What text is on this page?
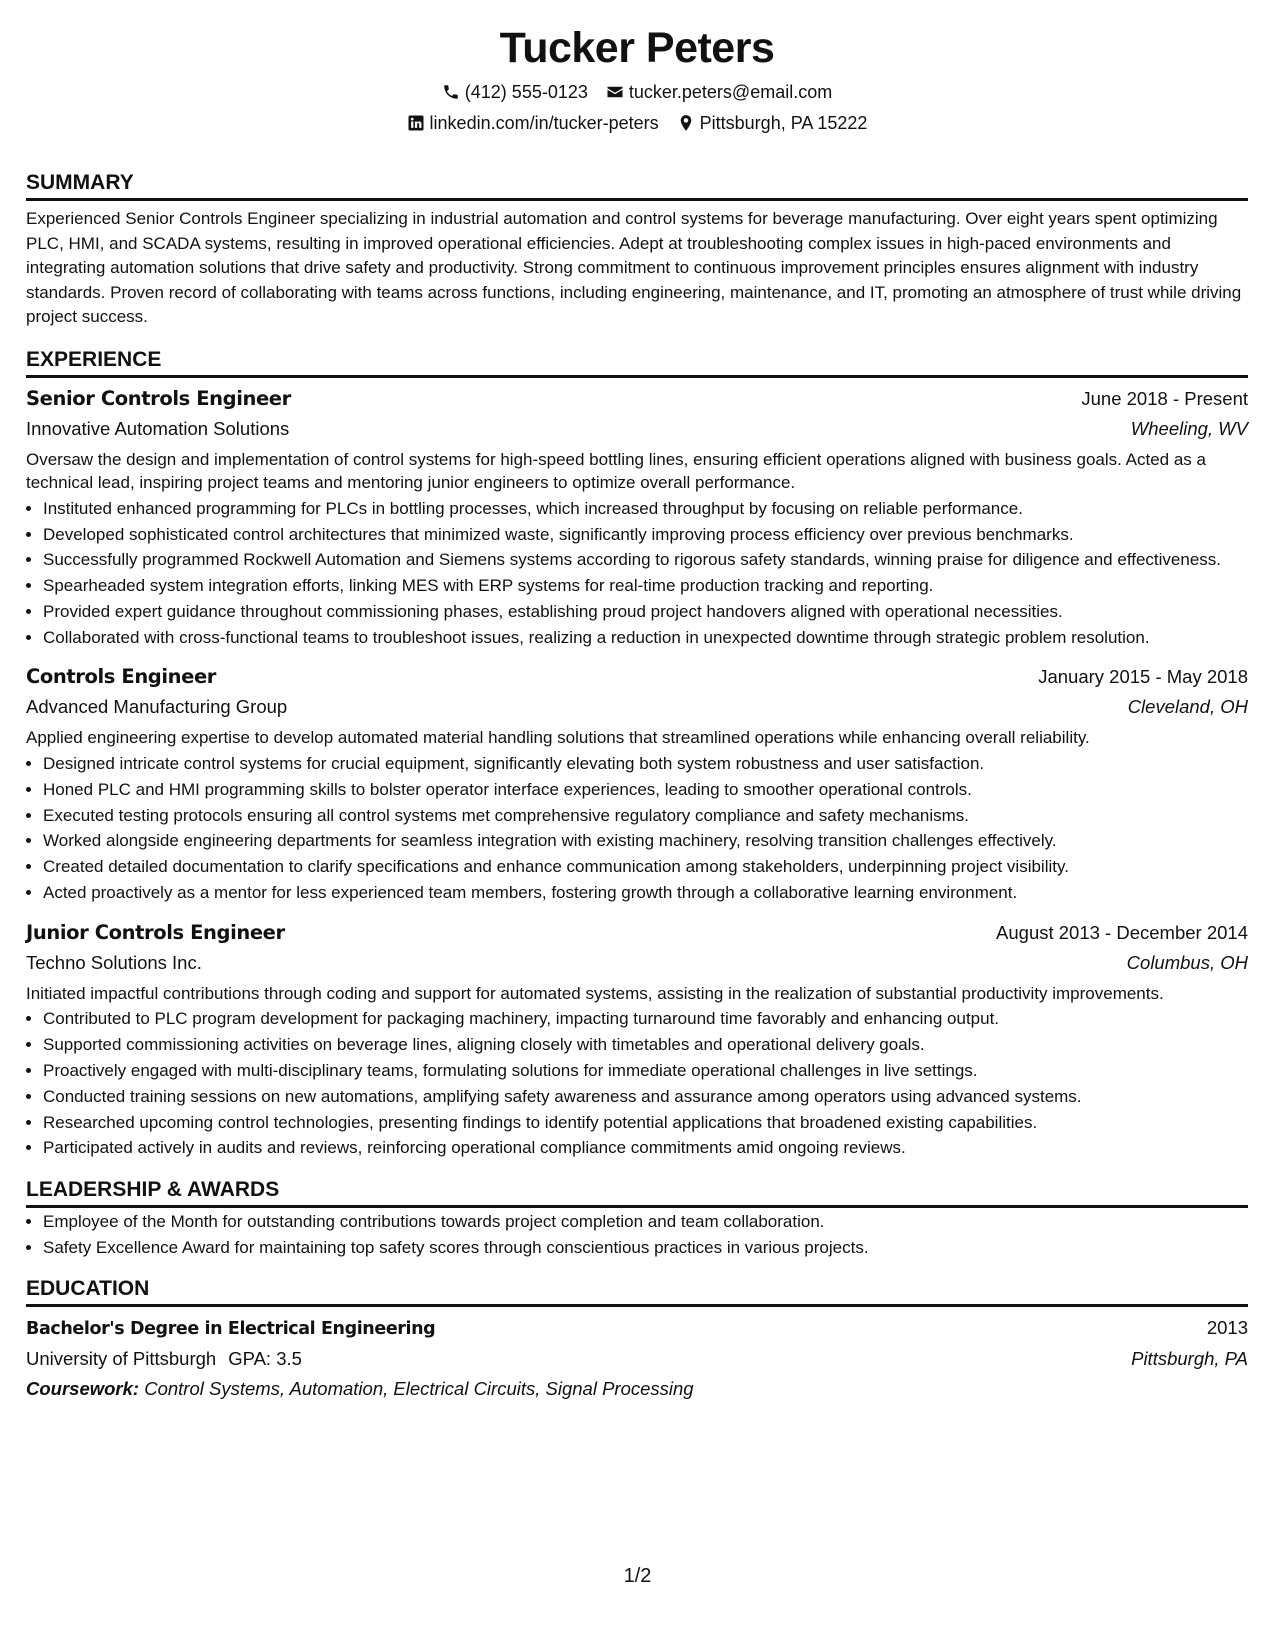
Tucker Peters
(412) 555-0123 tucker.peters@email.com
linkedin.com/in/tucker-peters Pittsburgh, PA 15222
SUMMARY
Experienced Senior Controls Engineer specializing in industrial automation and control systems for beverage manufacturing. Over eight years spent optimizing PLC, HMI, and SCADA systems, resulting in improved operational efficiencies. Adept at troubleshooting complex issues in high-paced environments and integrating automation solutions that drive safety and productivity. Strong commitment to continuous improvement principles ensures alignment with industry standards. Proven record of collaborating with teams across functions, including engineering, maintenance, and IT, promoting an atmosphere of trust while driving project success.
EXPERIENCE
Senior Controls Engineer	June 2018 - Present
Innovative Automation Solutions	Wheeling, WV
Oversaw the design and implementation of control systems for high-speed bottling lines, ensuring efficient operations aligned with business goals. Acted as a technical lead, inspiring project teams and mentoring junior engineers to optimize overall performance.
• Instituted enhanced programming for PLCs in bottling processes, which increased throughput by focusing on reliable performance.
• Developed sophisticated control architectures that minimized waste, significantly improving process efficiency over previous benchmarks.
• Successfully programmed Rockwell Automation and Siemens systems according to rigorous safety standards, winning praise for diligence and effectiveness.
• Spearheaded system integration efforts, linking MES with ERP systems for real-time production tracking and reporting.
• Provided expert guidance throughout commissioning phases, establishing proud project handovers aligned with operational necessities.
• Collaborated with cross-functional teams to troubleshoot issues, realizing a reduction in unexpected downtime through strategic problem resolution.
Controls Engineer	January 2015 - May 2018
Advanced Manufacturing Group	Cleveland, OH
Applied engineering expertise to develop automated material handling solutions that streamlined operations while enhancing overall reliability.
• Designed intricate control systems for crucial equipment, significantly elevating both system robustness and user satisfaction.
• Honed PLC and HMI programming skills to bolster operator interface experiences, leading to smoother operational controls.
• Executed testing protocols ensuring all control systems met comprehensive regulatory compliance and safety mechanisms.
• Worked alongside engineering departments for seamless integration with existing machinery, resolving transition challenges effectively.
• Created detailed documentation to clarify specifications and enhance communication among stakeholders, underpinning project visibility.
• Acted proactively as a mentor for less experienced team members, fostering growth through a collaborative learning environment.
Junior Controls Engineer	August 2013 - December 2014
Techno Solutions Inc.	Columbus, OH
Initiated impactful contributions through coding and support for automated systems, assisting in the realization of substantial productivity improvements.
• Contributed to PLC program development for packaging machinery, impacting turnaround time favorably and enhancing output.
• Supported commissioning activities on beverage lines, aligning closely with timetables and operational delivery goals.
• Proactively engaged with multi-disciplinary teams, formulating solutions for immediate operational challenges in live settings.
• Conducted training sessions on new automations, amplifying safety awareness and assurance among operators using advanced systems.
• Researched upcoming control technologies, presenting findings to identify potential applications that broadened existing capabilities.
• Participated actively in audits and reviews, reinforcing operational compliance commitments amid ongoing reviews.
LEADERSHIP & AWARDS
• Employee of the Month for outstanding contributions towards project completion and team collaboration.
• Safety Excellence Award for maintaining top safety scores through conscientious practices in various projects.
EDUCATION
Bachelor's Degree in Electrical Engineering	2013
University of Pittsburgh GPA: 3.5	Pittsburgh, PA
Coursework: Control Systems, Automation, Electrical Circuits, Signal Processing
1/2
